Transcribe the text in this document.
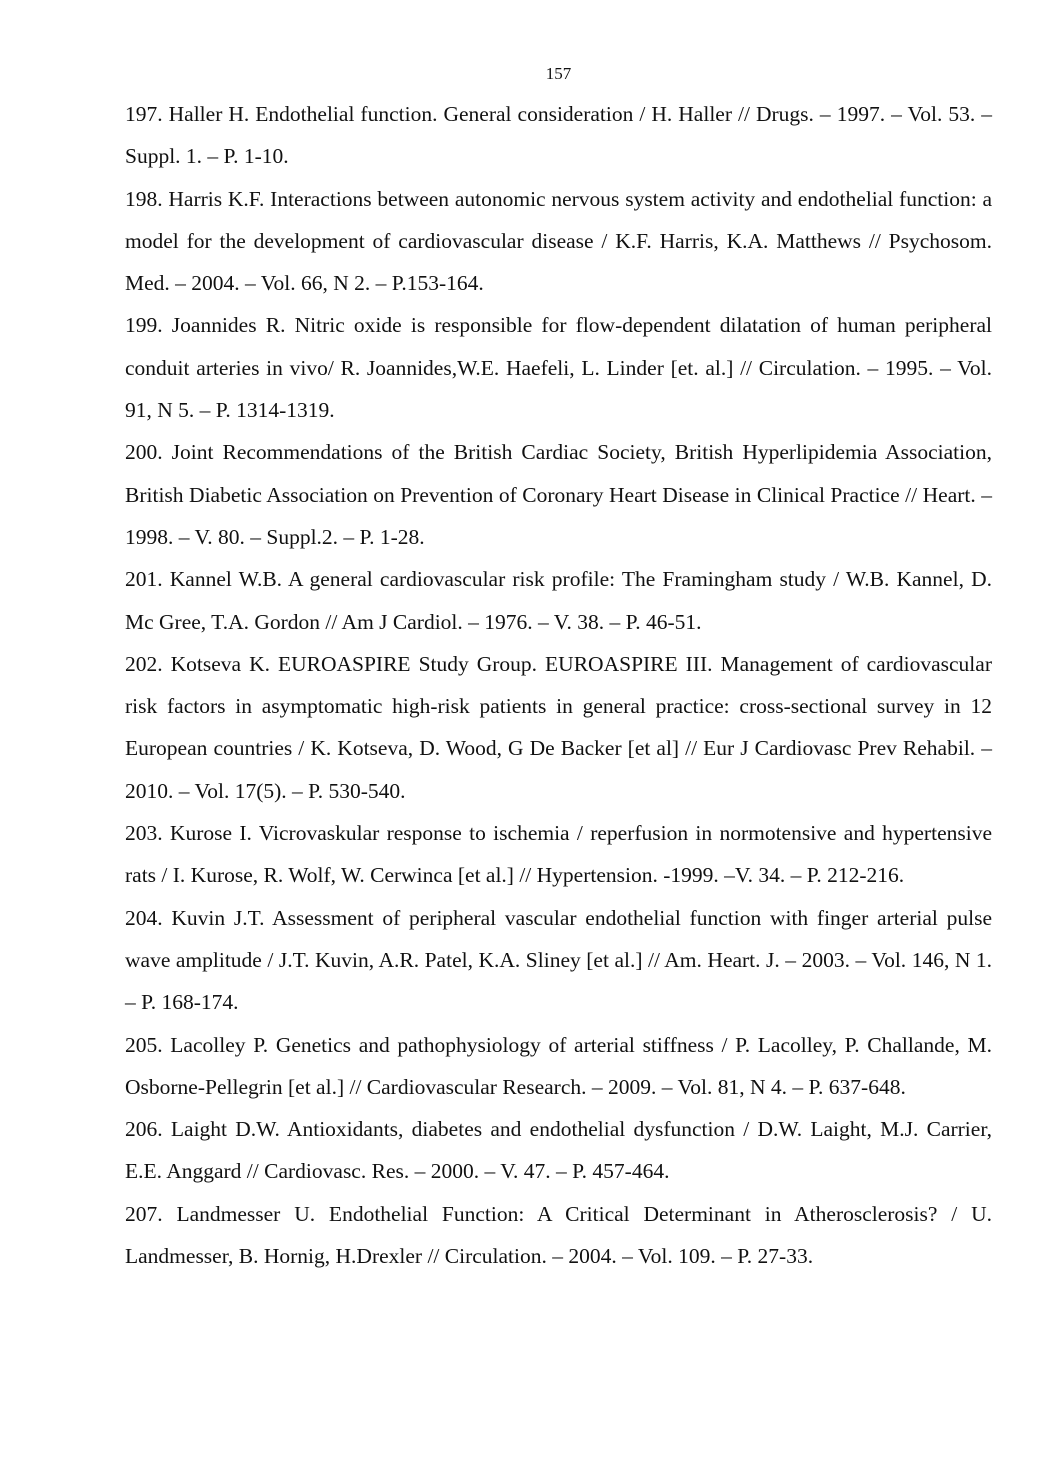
157

197. Haller H. Endothelial function. General consideration / H. Haller // Drugs. – 1997. – Vol. 53. – Suppl. 1. – P. 1-10.

198. Harris K.F. Interactions between autonomic nervous system activity and endothelial function: a model for the development of cardiovascular disease / K.F. Harris, K.A. Matthews // Psychosom. Med. – 2004. – Vol. 66, N 2. – P.153-164.

199. Joannides R. Nitric oxide is responsible for flow-dependent dilatation of human peripheral conduit arteries in vivo/ R. Joannides,W.E. Haefeli, L. Linder [et. al.] // Circulation. – 1995. – Vol. 91, N 5. – P. 1314-1319.

200. Joint Recommendations of the British Cardiac Society, British Hyperlipidemia Association, British Diabetic Association on Prevention of Coronary Heart Disease in Clinical Practice // Heart. – 1998. – V. 80. – Suppl.2. – P. 1-28.

201. Kannel W.B. A general cardiovascular risk profile: The Framingham study / W.B. Kannel, D. Mc Gree, T.A. Gordon // Am J Cardiol. – 1976. – V. 38. – P. 46-51.

202. Kotseva K. EUROASPIRE Study Group. EUROASPIRE III. Management of cardiovascular risk factors in asymptomatic high-risk patients in general practice: cross-sectional survey in 12 European countries / K. Kotseva, D. Wood, G De Backer [et al] // Eur J Cardiovasc Prev Rehabil. – 2010. – Vol. 17(5). – P. 530-540.

203. Kurose I. Vicrovaskular response to ischemia / reperfusion in normotensive and hypertensive rats / I. Kurose, R. Wolf, W. Cerwinca [et al.] // Hypertension. -1999. –V. 34. – P. 212-216.

204. Kuvin J.T. Assessment of peripheral vascular endothelial function with finger arterial pulse wave amplitude / J.T. Kuvin, A.R. Patel, K.A. Sliney [et al.] // Am. Heart. J. – 2003. – Vol. 146, N 1. – P. 168-174.

205. Lacolley P. Genetics and pathophysiology of arterial stiffness / P. Lacolley, P. Challande, M. Osborne-Pellegrin [et al.] // Cardiovascular Research. – 2009. – Vol. 81, N 4. – P. 637-648.

206. Laight D.W. Antioxidants, diabetes and endothelial dysfunction / D.W. Laight, M.J. Carrier, E.E. Anggard // Cardiovasc. Res. – 2000. – V. 47. – P. 457-464.

207. Landmesser U. Endothelial Function: A Critical Determinant in Atherosclerosis? / U. Landmesser, B. Hornig, H.Drexler // Circulation. – 2004. – Vol. 109. – P. 27-33.
